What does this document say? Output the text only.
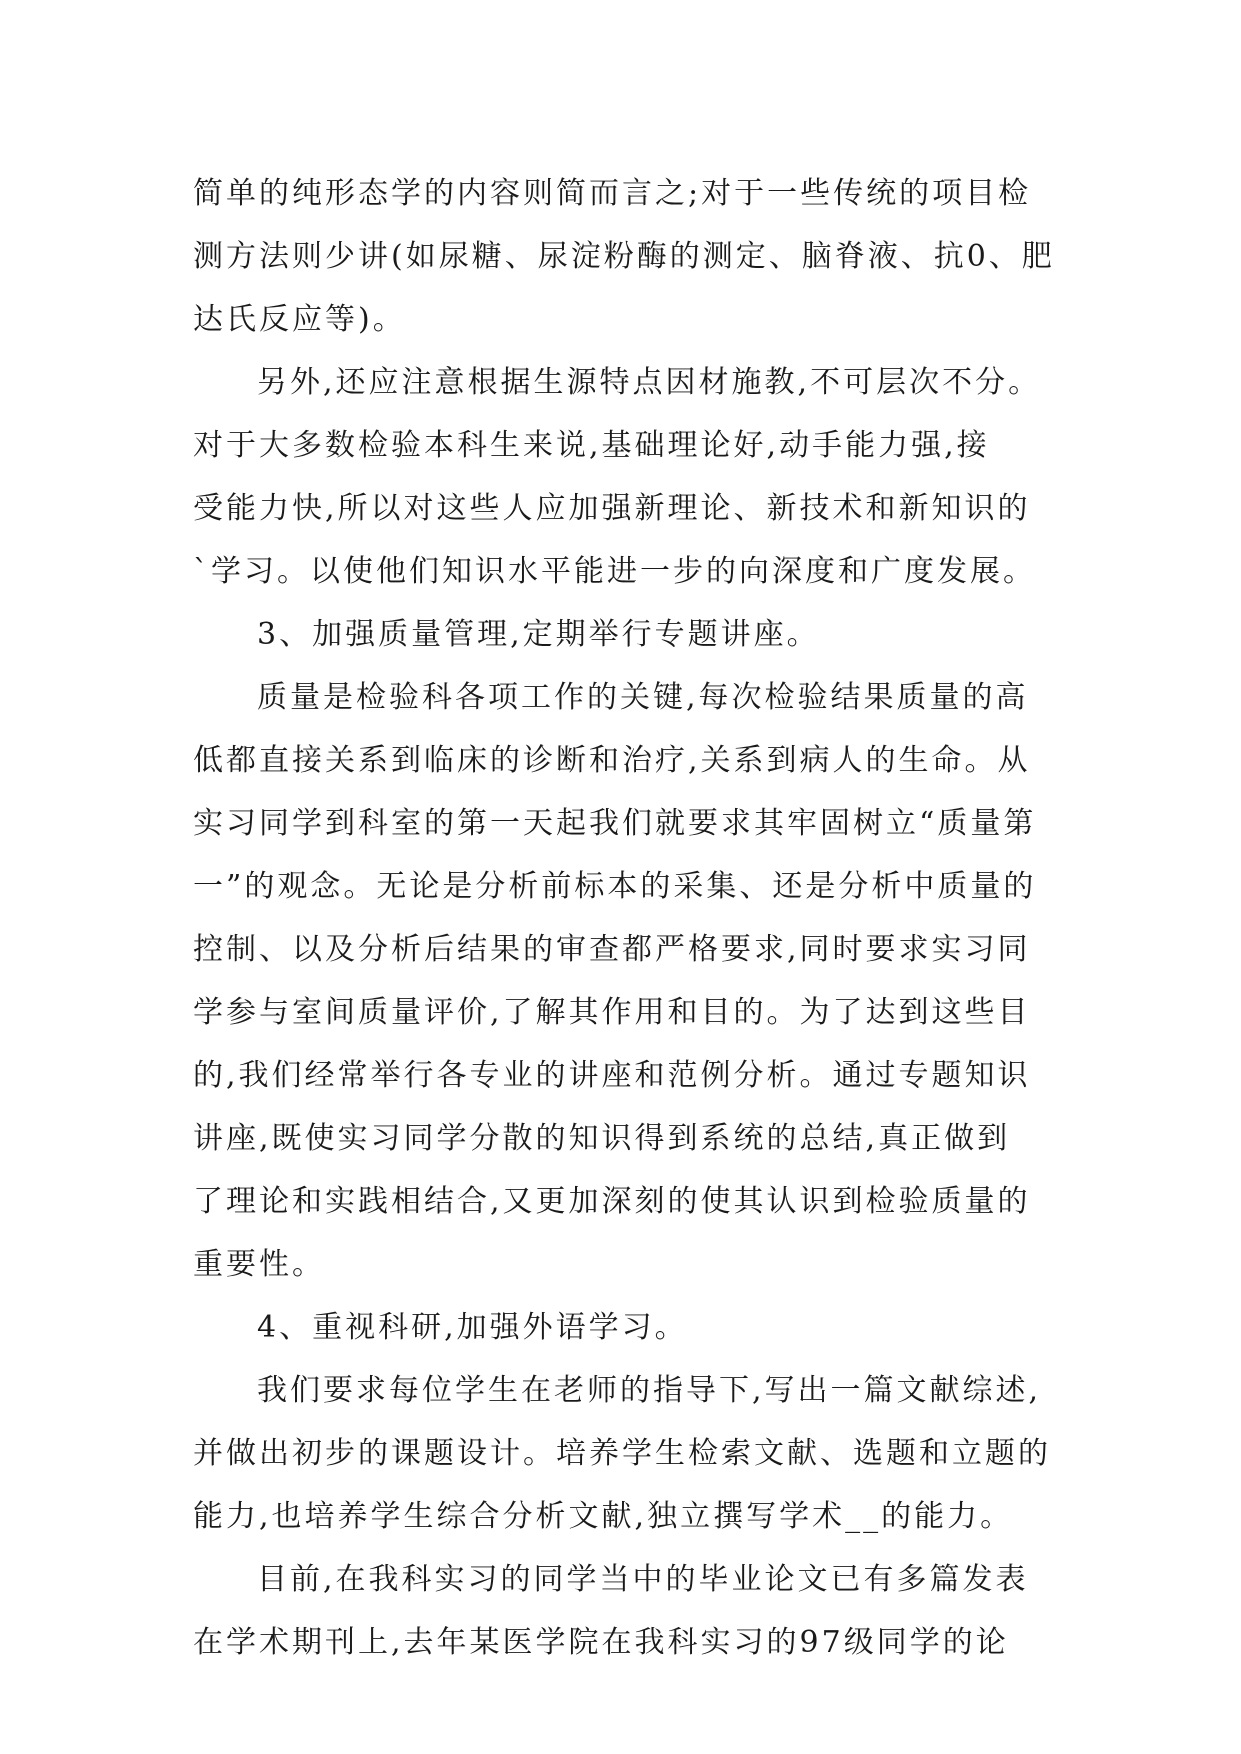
简单的纯形态学的内容则简而言之;对于一些传统的项目检
测方法则少讲(如尿糖、尿淀粉酶的测定、脑脊液、抗0、肥
达氏反应等)。
另外,还应注意根据生源特点因材施教,不可层次不分。
对于大多数检验本科生来说,基础理论好,动手能力强,接
受能力快,所以对这些人应加强新理论、新技术和新知识的
`学习。以使他们知识水平能进一步的向深度和广度发展。
3、加强质量管理,定期举行专题讲座。
质量是检验科各项工作的关键,每次检验结果质量的高
低都直接关系到临床的诊断和治疗,关系到病人的生命。从
实习同学到科室的第一天起我们就要求其牢固树立“质量第
一”的观念。无论是分析前标本的采集、还是分析中质量的
控制、以及分析后结果的审查都严格要求,同时要求实习同
学参与室间质量评价,了解其作用和目的。为了达到这些目
的,我们经常举行各专业的讲座和范例分析。通过专题知识
讲座,既使实习同学分散的知识得到系统的总结,真正做到
了理论和实践相结合,又更加深刻的使其认识到检验质量的
重要性。
4、重视科研,加强外语学习。
我们要求每位学生在老师的指导下,写出一篇文献综述,
并做出初步的课题设计。培养学生检索文献、选题和立题的
能力,也培养学生综合分析文献,独立撰写学术__的能力。
目前,在我科实习的同学当中的毕业论文已有多篇发表
在学术期刊上,去年某医学院在我科实习的97级同学的论
